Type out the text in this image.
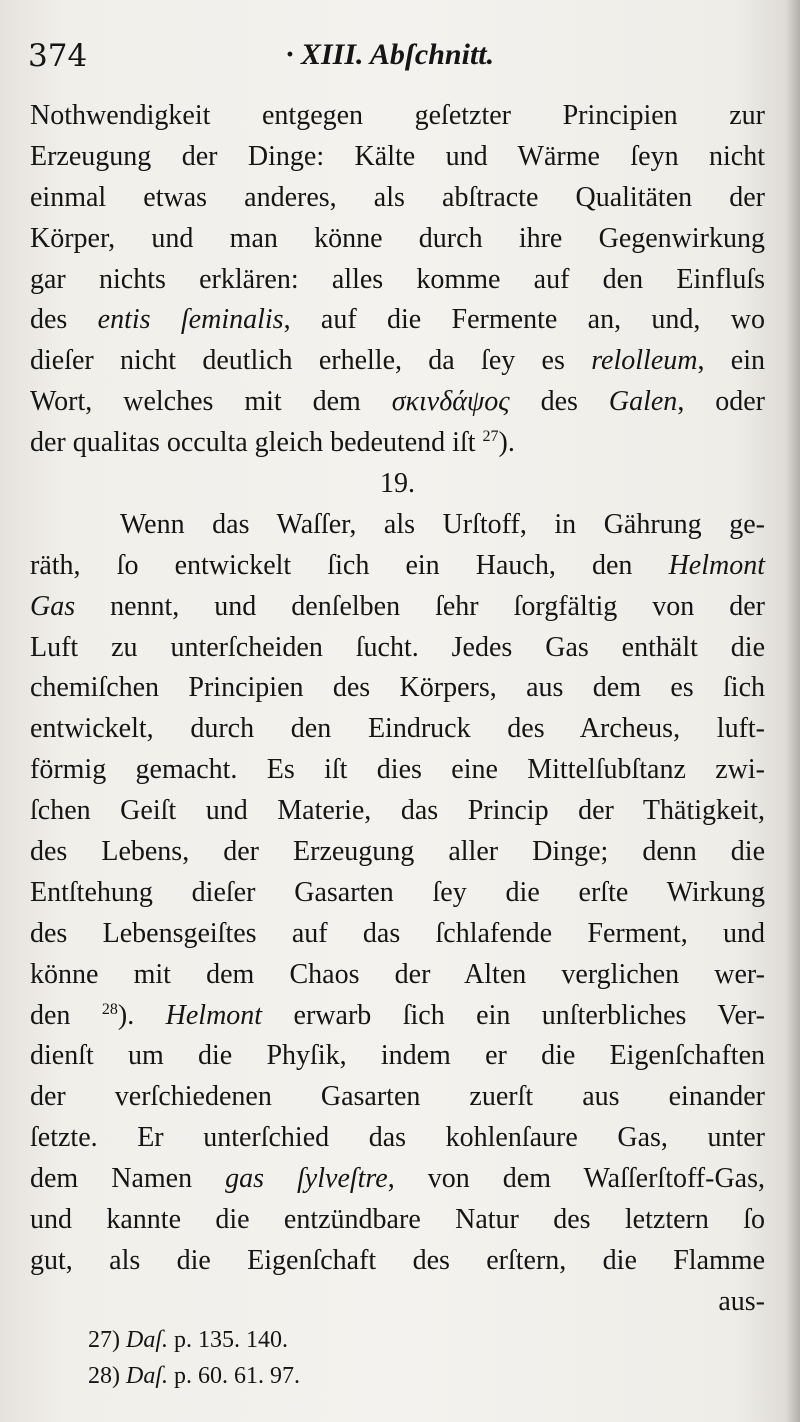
374	· XIII. Abſchnitt.
Nothwendigkeit entgegen geſetzter Principien zur
Erzeugung der Dinge: Kälte und Wärme ſeyn nicht
einmal etwas anderes, als abſtracte Qualitäten der
Körper, und man könne durch ihre Gegenwirkung
gar nichts erklären: alles komme auf den Einfluſs
des entis ſeminalis, auf die Fermente an, und, wo
dieſer nicht deutlich erhelle, da ſey es relolleum, ein
Wort, welches mit dem σκινδάψος des Galen, oder
der qualitas occulta gleich bedeutend iſt $^{27}$).
19.
Wenn das Waſſer, als Urſtoff, in Gährung ge-
räth, ſo entwickelt ſich ein Hauch, den Helmont
Gas nennt, und denſelben ſehr ſorgfältig von der
Luft zu unterſcheiden ſucht. Jedes Gas enthält die
chemiſchen Principien des Körpers, aus dem es ſich
entwickelt, durch den Eindruck des Archeus, luft-
förmig gemacht. Es iſt dies eine Mittelſubſtanz zwi-
ſchen Geiſt und Materie, das Princip der Thätigkeit,
des Lebens, der Erzeugung aller Dinge; denn die
Entſtehung dieſer Gasarten ſey die erſte Wirkung
des Lebensgeiſtes auf das ſchlafende Ferment, und
könne mit dem Chaos der Alten verglichen wer-
den $^{28}$). Helmont erwarb ſich ein unſterbliches Ver-
dienſt um die Phyſik, indem er die Eigenſchaften
der verſchiedenen Gasarten zuerſt aus einander
ſetzte. Er unterſchied das kohlenſaure Gas, unter
dem Namen gas ſylveſtre, von dem Waſſerſtoff-Gas,
und kannte die entzündbare Natur des letztern ſo
gut, als die Eigenſchaft des erſtern, die Flamme
aus-
27) Daſ. p. 135. 140.
28) Daſ. p. 60. 61. 97.
